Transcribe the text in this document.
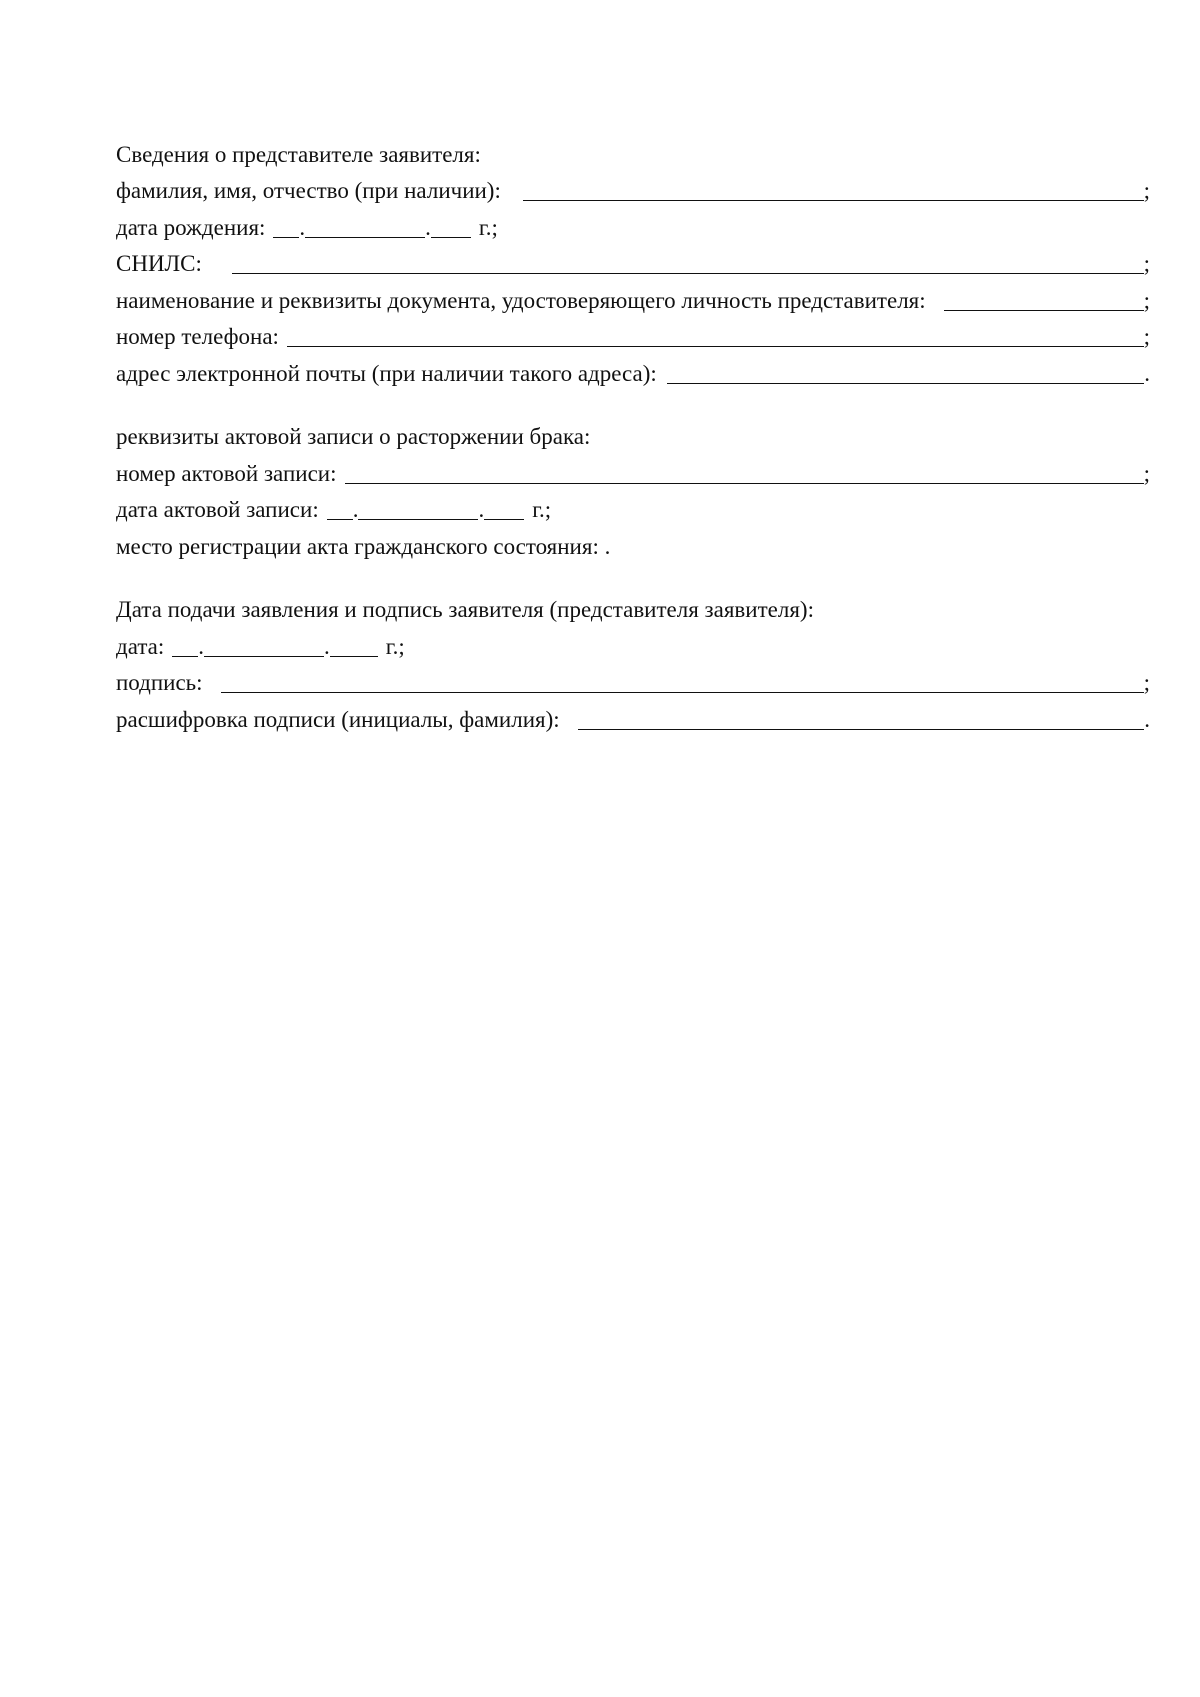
Сведения о представителе заявителя:
фамилия, имя, отчество (при наличии):	;
дата рождения: .	. г.;
СНИЛС:	;
наименование и реквизиты документа, удостоверяющего личность представителя:	;
номер телефона:	;
адрес электронной почты (при наличии такого адреса):	.
реквизиты актовой записи о расторжении брака:
номер актовой записи:	;
дата актовой записи: .	. г.;
место регистрации акта гражданского состояния: .
Дата подачи заявления и подпись заявителя (представителя заявителя):
дата: .	. г.;
подпись:	;
расшифровка подписи (инициалы, фамилия):	.
